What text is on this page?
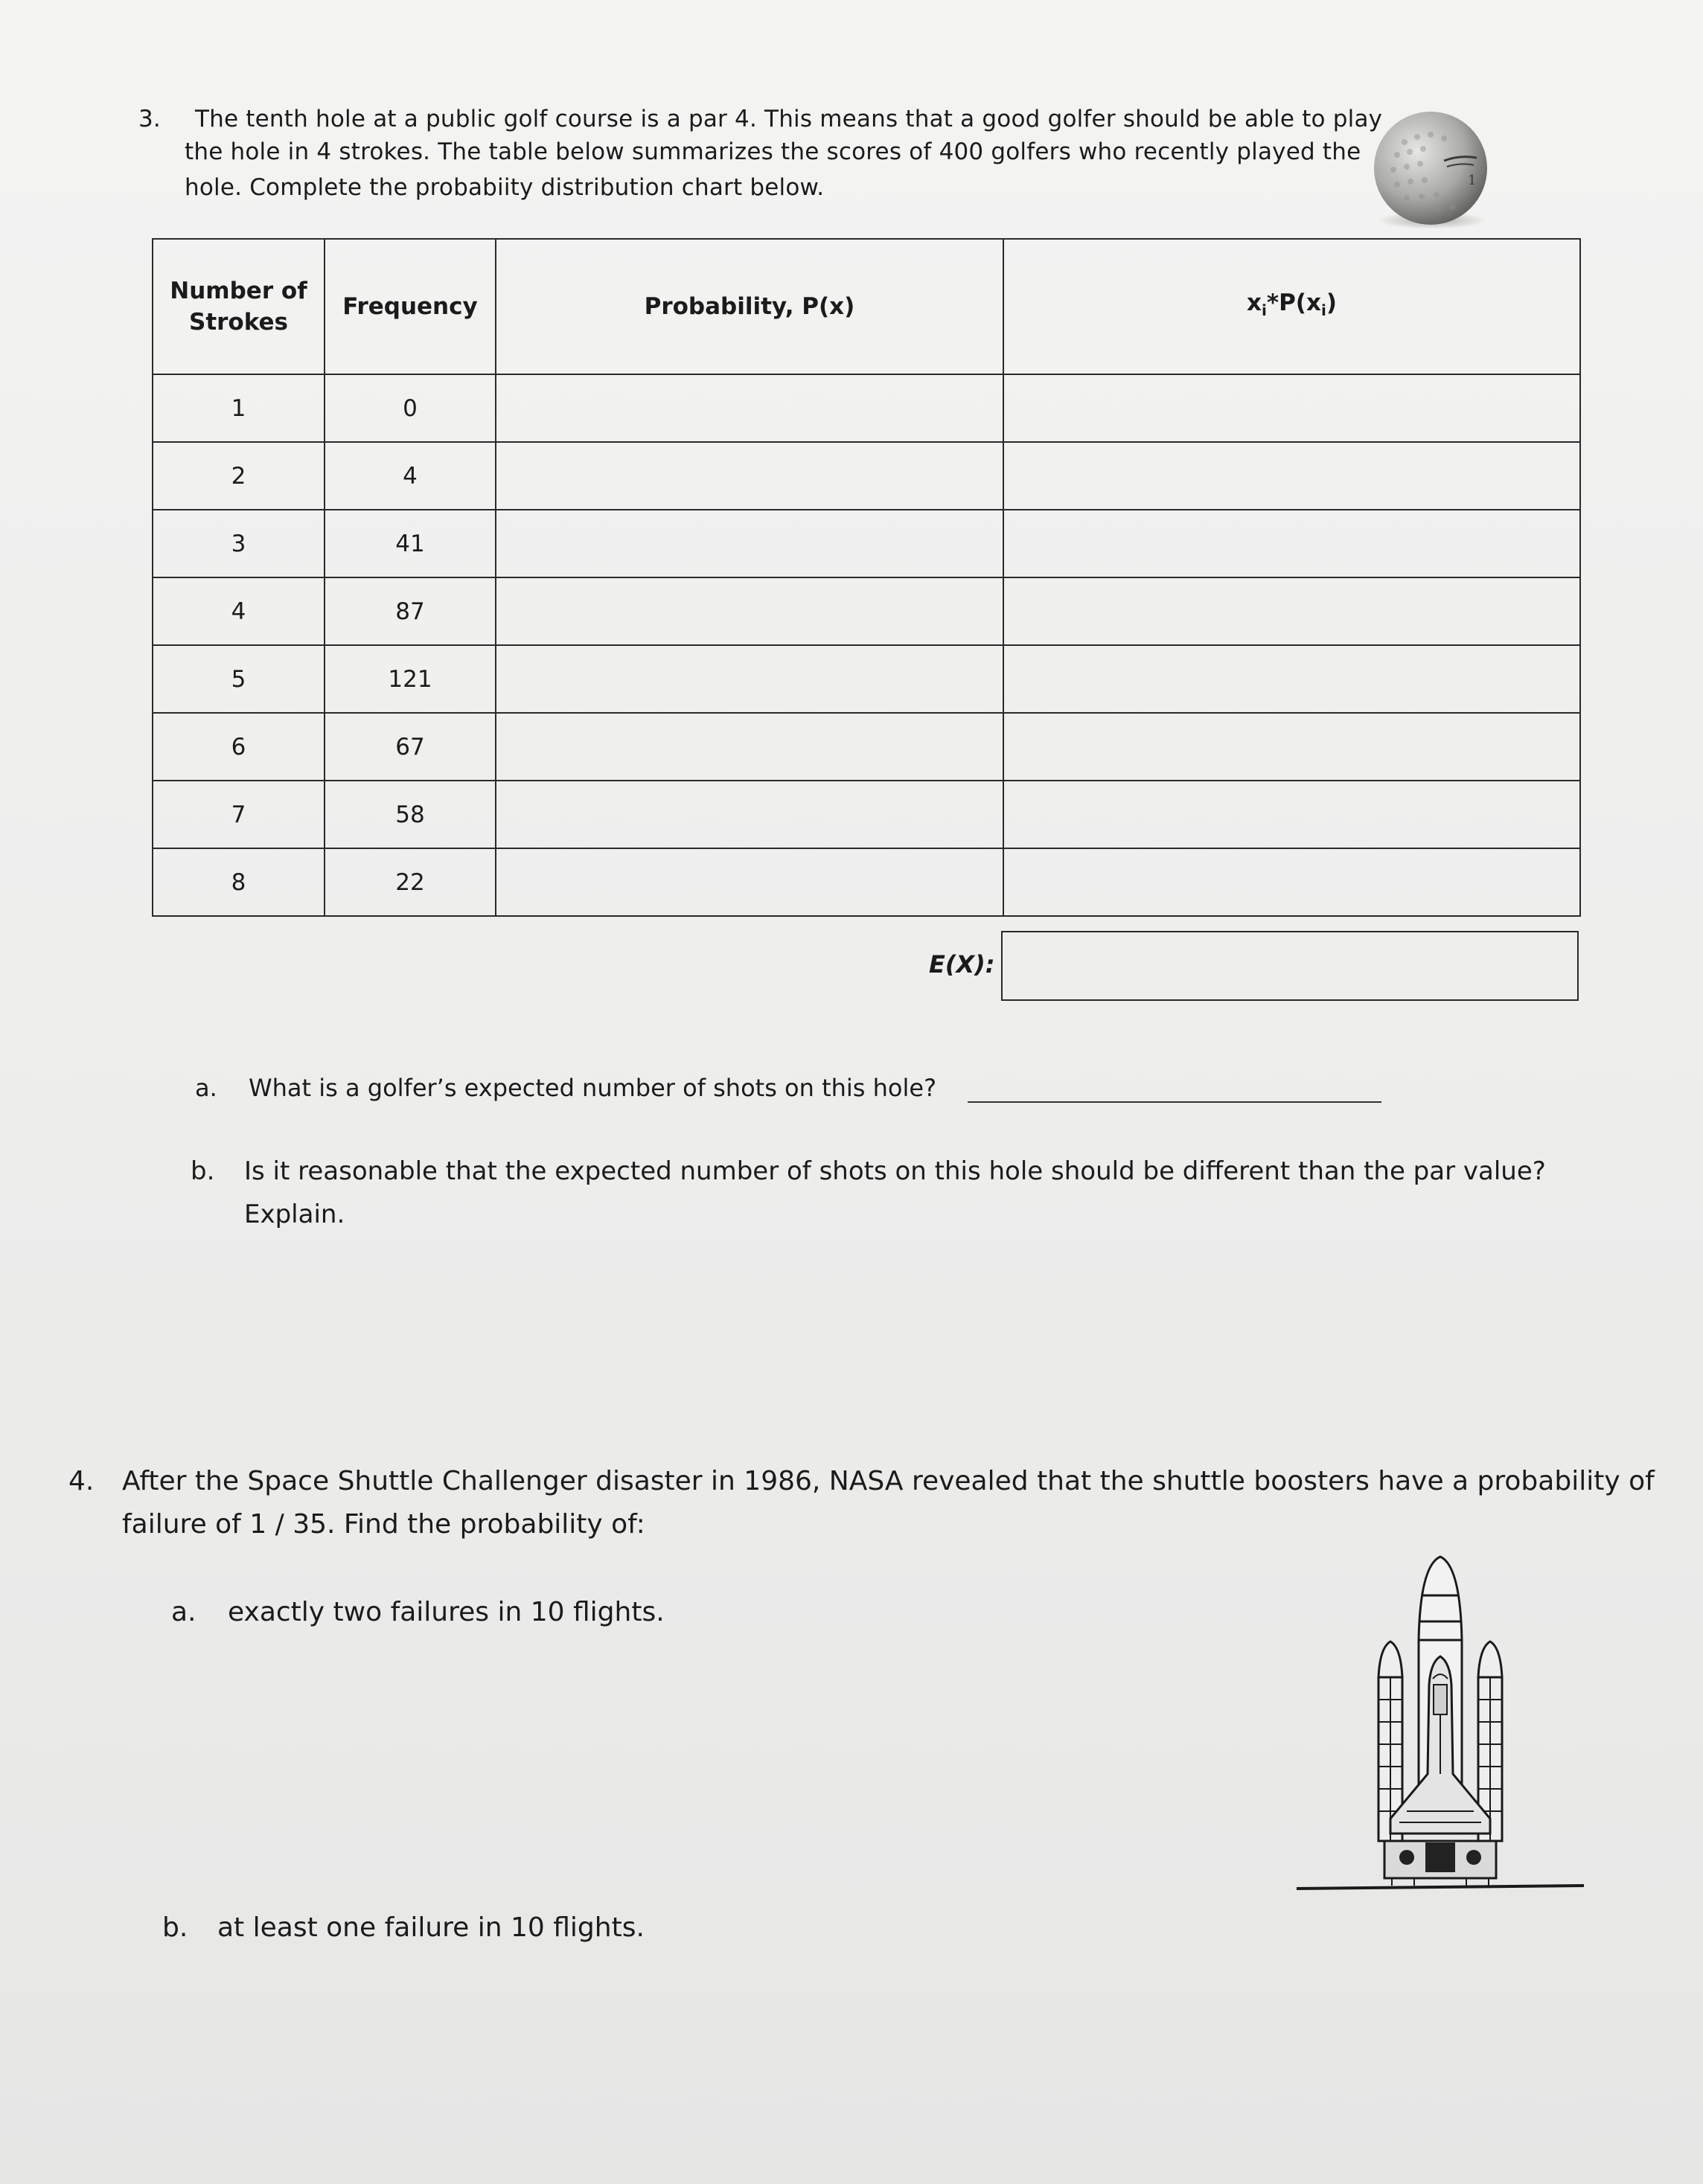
3. The tenth hole at a public golf course is a par 4. This means that a good golfer should be able to play
the hole in 4 strokes. The table below summarizes the scores of 400 golfers who recently played the
hole. Complete the probabiity distribution chart below.	1
Number of
Strokes	Frequency	Probability, P(x)	$x_i*P(x_i)$
1	0		
2	4		
3	41		
4	87		
5	121		
6	67		
7	58		
8	22		
E(X):
a. What is a golfer’s expected number of shots on this hole?
b. Is it reasonable that the expected number of shots on this hole should be different than the par value?
Explain.
4. After the Space Shuttle Challenger disaster in 1986, NASA revealed that the shuttle boosters have a probability of
failure of 1 / 35. Find the probability of:
a. exactly two failures in 10 flights.
b. at least one failure in 10 flights.
